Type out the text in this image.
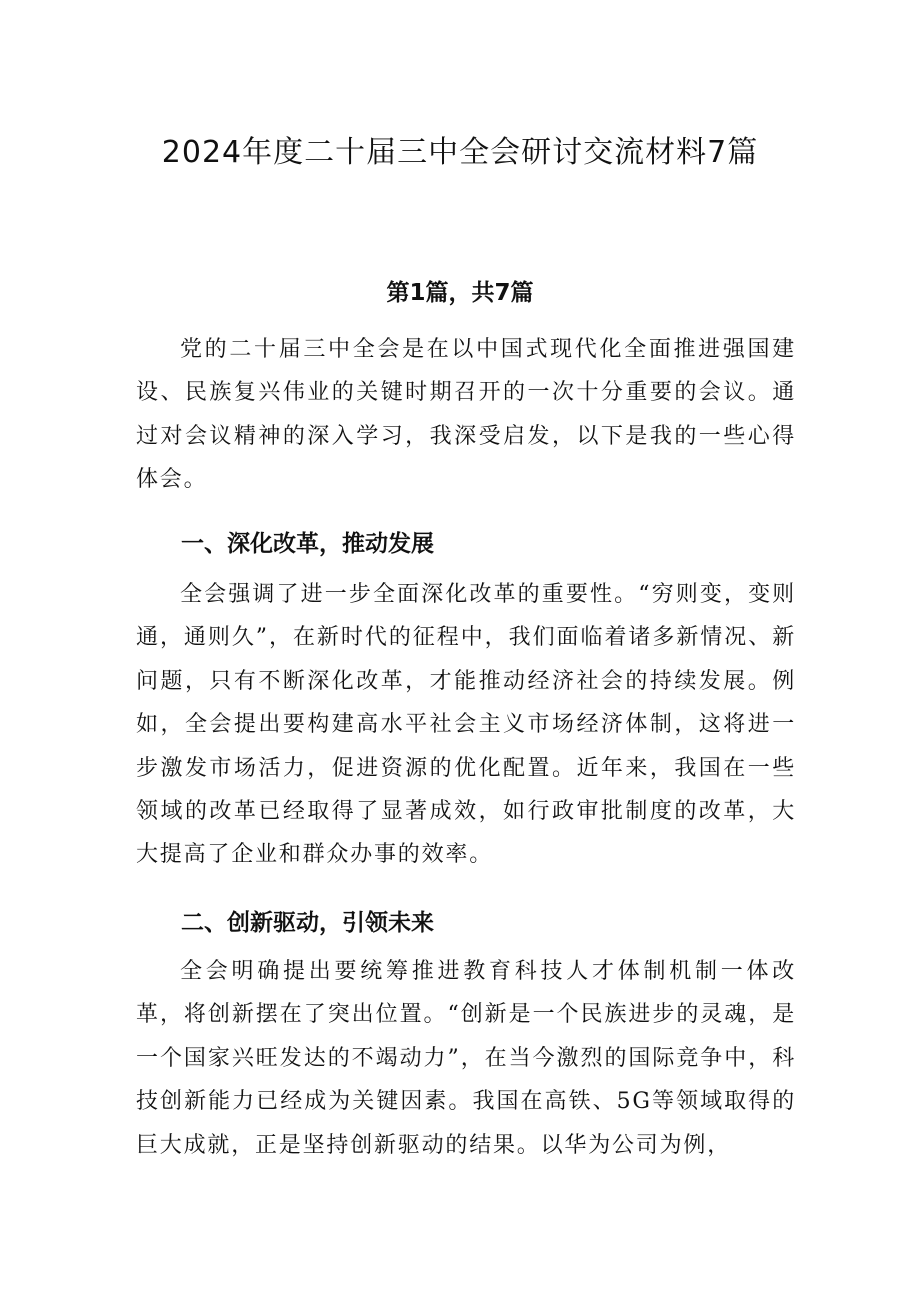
2024年度二十届三中全会研讨交流材料7篇
第1篇，共7篇

党的二十届三中全会是在以中国式现代化全面推进强国建设、民族复兴伟业的关键时期召开的一次十分重要的会议。通过对会议精神的深入学习，我深受启发，以下是我的一些心得体会。

一、深化改革，推动发展

全会强调了进一步全面深化改革的重要性。“穷则变，变则通，通则久”，在新时代的征程中，我们面临着诸多新情况、新问题，只有不断深化改革，才能推动经济社会的持续发展。例如，全会提出要构建高水平社会主义市场经济体制，这将进一步激发市场活力，促进资源的优化配置。近年来，我国在一些领域的改革已经取得了显著成效，如行政审批制度的改革，大大提高了企业和群众办事的效率。

二、创新驱动，引领未来

全会明确提出要统筹推进教育科技人才体制机制一体改革，将创新摆在了突出位置。“创新是一个民族进步的灵魂，是一个国家兴旺发达的不竭动力”，在当今激烈的国际竞争中，科技创新能力已经成为关键因素。我国在高铁、5G等领域取得的巨大成就，正是坚持创新驱动的结果。以华为公司为例，
